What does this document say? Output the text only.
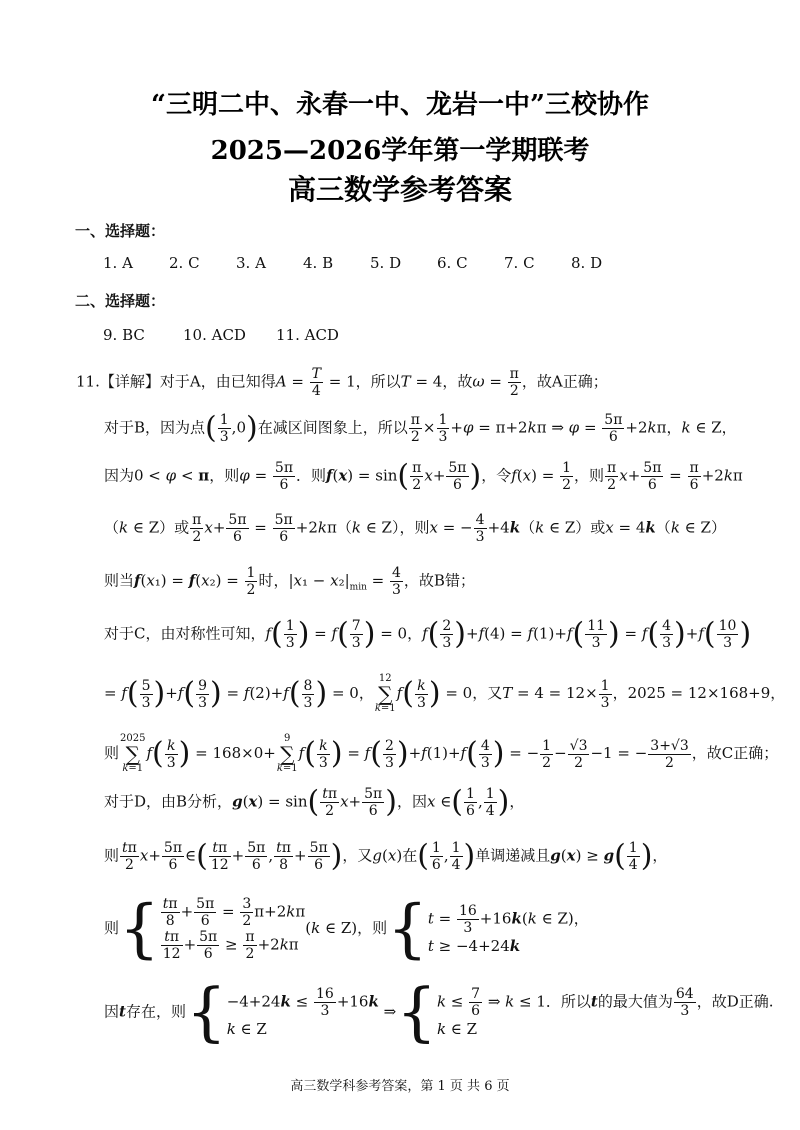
“三明二中、永春一中、龙岩一中”三校协作
2025—2026学年第一学期联考
高三数学参考答案
一、选择题：
1. A 2. C 3. A 4. B 5. D 6. C 7. C 8. D
二、选择题：
9. BC	10. ACD 11. ACD
11.【详解】对于A，由已知得$A = \frac{T}{4} = 1$，所以T = 4，故$\omega = \frac{\pi}{2}$ ，故A正确；
对于B，因为点( $\frac{1}{3} ,0$)在减区间图象上，所以 $\frac{\pi}{2} \times \frac{1}{3} +\varphi = \pi+2k\pi$ ⇒ $\varphi = \frac{5\pi}{6} +2k\pi$，k ∈ Z，
因为0 < φ < π，则$\varphi = \frac{5\pi}{6}$ ．则$f(x) = \sin( \frac{\pi}{2} x+ \frac{5\pi}{6}$ )，令$f(x) = \frac{1}{2}$ ，则 $\frac{\pi}{2} x+ \frac{5\pi}{6} = \frac{\pi}{6} +2k\pi$
（k ∈ Z）或 $\frac{\pi}{2} x+ \frac{5\pi}{6} = \frac{5\pi}{6} +2k\pi(k$ ∈ Z），则x = − $\frac{4}{3} +4k(k$ ∈ Z）或x = 4k（k ∈ Z）
则当$f(x_1) = f(x_2) = \frac{1}{2}$ 时，$|x_1 - x_2|_{min} = \frac{4}{3}$ ，故B错；
对于C，由对称性可知，$f( \frac{1}{3}$ ) = $f( \frac{7}{3}$ ) = 0，$f( \frac{2}{3} )+f(4) = f(1)+f( \frac{11}{3}$ ) = $f( \frac{4}{3} )+f( \frac{10}{3}$ )
= $f( \frac{5}{3} )+f( \frac{9}{3}$ ) = $f(2)+f( \frac{8}{3}$ ) = 0，12
∑
$k=1f( \frac{k}{3}$ ) = 0，又$T = 4 = 12\times \frac{1}{3}$ ，2025 = 12×168+9，
则2025
∑
$k=1f( \frac{k}{3}$ ) = 168×0+9
∑
$k=1f( \frac{k}{3}$ ) = $f( \frac{2}{3} )+f(1)+f( \frac{4}{3}$ ) = − $\frac{1}{2} - \frac{√3}{2} -1$ = − $\frac{3+√3}{2}$ ，故C正确；
对于D，由B分析，$g(x) = \sin( \frac{t\pi}{2} x+ \frac{5\pi}{6}$ )，因x ∈( $\frac{1}{6}$ , $\frac{1}{4}$ )，
则 $\frac{t\pi}{2} x+ \frac{5\pi}{6}$ ∈( $\frac{t\pi}{12} + \frac{5\pi}{6}$ , $\frac{t\pi}{8} + \frac{5\pi}{6}$ )，又g(x)在( $\frac{1}{6}$ , $\frac{1}{4}$ )单调递减且$g(x) \ge g( \frac{1}{4}$ )，
则{ $\frac{t\pi}{8} + \frac{5\pi}{6} = \frac{3}{2} \pi+2k\pi$
$\frac{t\pi}{12} + \frac{5\pi}{6} \ge \frac{\pi}{2} +2k\pi$
(k ∈ Z)，则{ $t = \frac{16}{3} +16k(k$ ∈ Z)，
t ≥ −4+24k
因t存在，则{ $-4+24k \le \frac{16}{3} +16k$
k ∈ Z
⇒{ $k \le \frac{7}{6}$ ⇒ k ≤ 1．所以t的最大值为 $\frac{64}{3}$ ，故D正确.
k ∈ Z
高三数学科参考答案，第 1 页 共 6 页
